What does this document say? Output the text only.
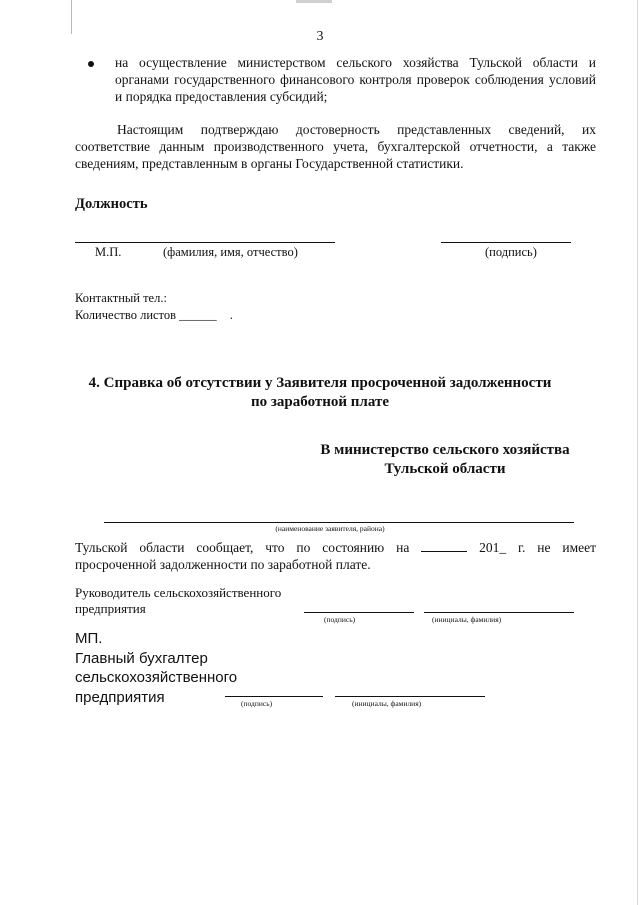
3
на осуществление министерством сельского хозяйства Тульской области и органами государственного финансового контроля проверок соблюдения условий и порядка предоставления субсидий;
Настоящим подтверждаю достоверность представленных сведений, их соответствие данным производственного учета, бухгалтерской отчетности, а также сведениям, представленным в органы Государственной статистики.
Должность
М.П.	(фамилия, имя, отчество)	(подпись)
Контактный тел.:
Количество листов ______ .
4. Справка об отсутствии у Заявителя просроченной задолженности
по заработной плате
В министерство сельского хозяйства
Тульской области
(наименование заявителя, района)
Тульской области сообщает, что по состоянию на	201_ г. не имеет
просроченной задолженности по заработной плате.
Руководитель сельскохозяйственного
предприятия
(подпись)	(инициалы, фамилия)
МП.
Главный бухгалтер
сельскохозяйственного
предприятия	(подпись)	(инициалы, фамилия)
